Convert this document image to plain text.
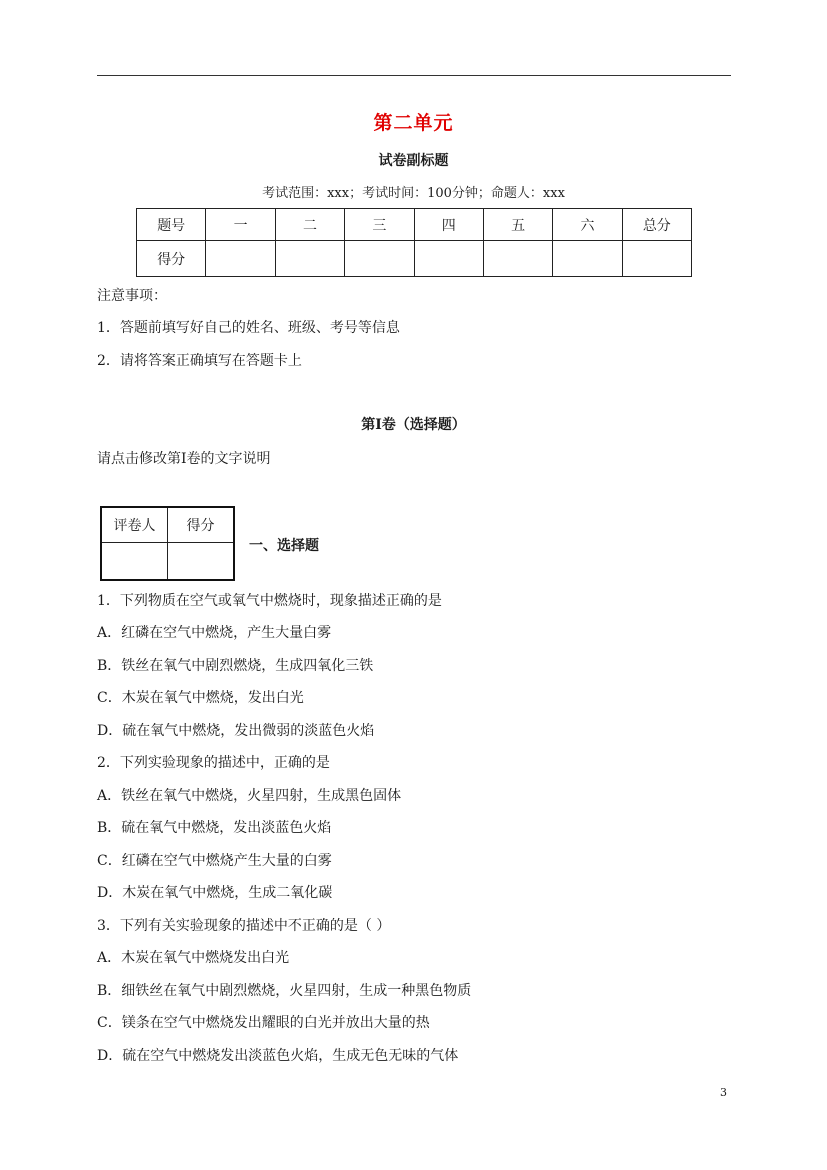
第二单元
试卷副标题
考试范围：xxx；考试时间：100分钟；命题人：xxx
题号	一	二	三	四	五	六	总分
得分							
注意事项：
1．答题前填写好自己的姓名、班级、考号等信息
2．请将答案正确填写在答题卡上
第I卷（选择题）
请点击修改第I卷的文字说明
评卷人	得分

一、选择题
1．下列物质在空气或氧气中燃烧时，现象描述正确的是
A．红磷在空气中燃烧，产生大量白雾
B．铁丝在氧气中剧烈燃烧，生成四氧化三铁
C．木炭在氧气中燃烧，发出白光
D．硫在氧气中燃烧，发出微弱的淡蓝色火焰
2．下列实验现象的描述中，正确的是
A．铁丝在氧气中燃烧，火星四射，生成黑色固体
B．硫在氧气中燃烧，发出淡蓝色火焰
C．红磷在空气中燃烧产生大量的白雾
D．木炭在氧气中燃烧，生成二氧化碳
3．下列有关实验现象的描述中不正确的是（ ）
A．木炭在氧气中燃烧发出白光
B．细铁丝在氧气中剧烈燃烧，火星四射，生成一种黑色物质
C．镁条在空气中燃烧发出耀眼的白光并放出大量的热
D．硫在空气中燃烧发出淡蓝色火焰，生成无色无味的气体
3
